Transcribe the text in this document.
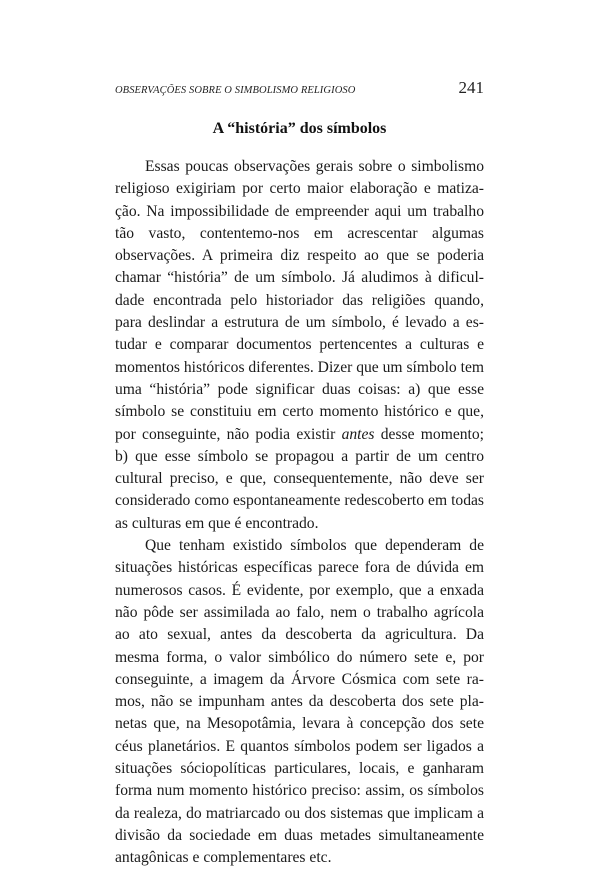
OBSERVAÇÕES SOBRE O SIMBOLISMO RELIGIOSO	241
A “história” dos símbolos

Essas poucas observações gerais sobre o simbolismo religioso exigiriam por certo maior elaboração e matização. Na impossibilidade de empreender aqui um trabalho tão vasto, contentemo-nos em acrescentar algumas observações. A primeira diz respeito ao que se poderia chamar “história” de um símbolo. Já aludimos à dificuldade encontrada pelo historiador das religiões quando, para deslindar a estrutura de um símbolo, é levado a estudar e comparar documentos pertencentes a culturas e momentos históricos diferentes. Dizer que um símbolo tem uma “história” pode significar duas coisas: a) que esse símbolo se constituiu em certo momento histórico e que, por conseguinte, não podia existir antes desse momento; b) que esse símbolo se propagou a partir de um centro cultural preciso, e que, consequentemente, não deve ser considerado como espontaneamente redescoberto em todas as culturas em que é encontrado.

Que tenham existido símbolos que dependeram de situações históricas específicas parece fora de dúvida em numerosos casos. É evidente, por exemplo, que a enxada não pôde ser assimilada ao falo, nem o trabalho agrícola ao ato sexual, antes da descoberta da agricultura. Da mesma forma, o valor simbólico do número sete e, por conseguinte, a imagem da Árvore Cósmica com sete ramos, não se impunham antes da descoberta dos sete planetas que, na Mesopotâmia, levara à concepção dos sete céus planetários. E quantos símbolos podem ser ligados a situações sóciopolíticas particulares, locais, e ganharam forma num momento histórico preciso: assim, os símbolos da realeza, do matriarcado ou dos sistemas que implicam a divisão da sociedade em duas metades simultaneamente antagônicas e complementares etc.
